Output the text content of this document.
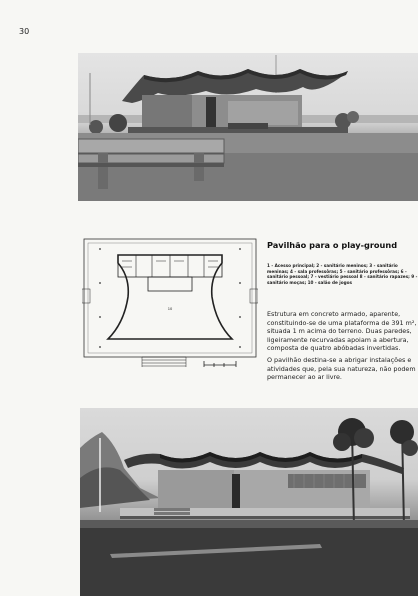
30
10
Pavilhão para o play-ground
1 - Acesso principal; 2 - sanitário meninos; 3 - sanitário meninas; 4 - sala professôras; 5 - sanitário professôras; 6 - sanitário pessoal; 7 - vestiário pessoal 8 - sanitário rapazes; 9 - sanitário moças; 10 - salão de jogos

Estrutura em concreto armado, aparente, constituindo-se de uma plataforma de 391 m², situada 1 m acima do terreno. Duas paredes, ligeiramente recurvadas apoiam a abertura, composta de quatro abóbadas invertidas.

O pavilhão destina-se a abrigar instalações e atividades que, pela sua natureza, não podem permanecer ao ar livre.
